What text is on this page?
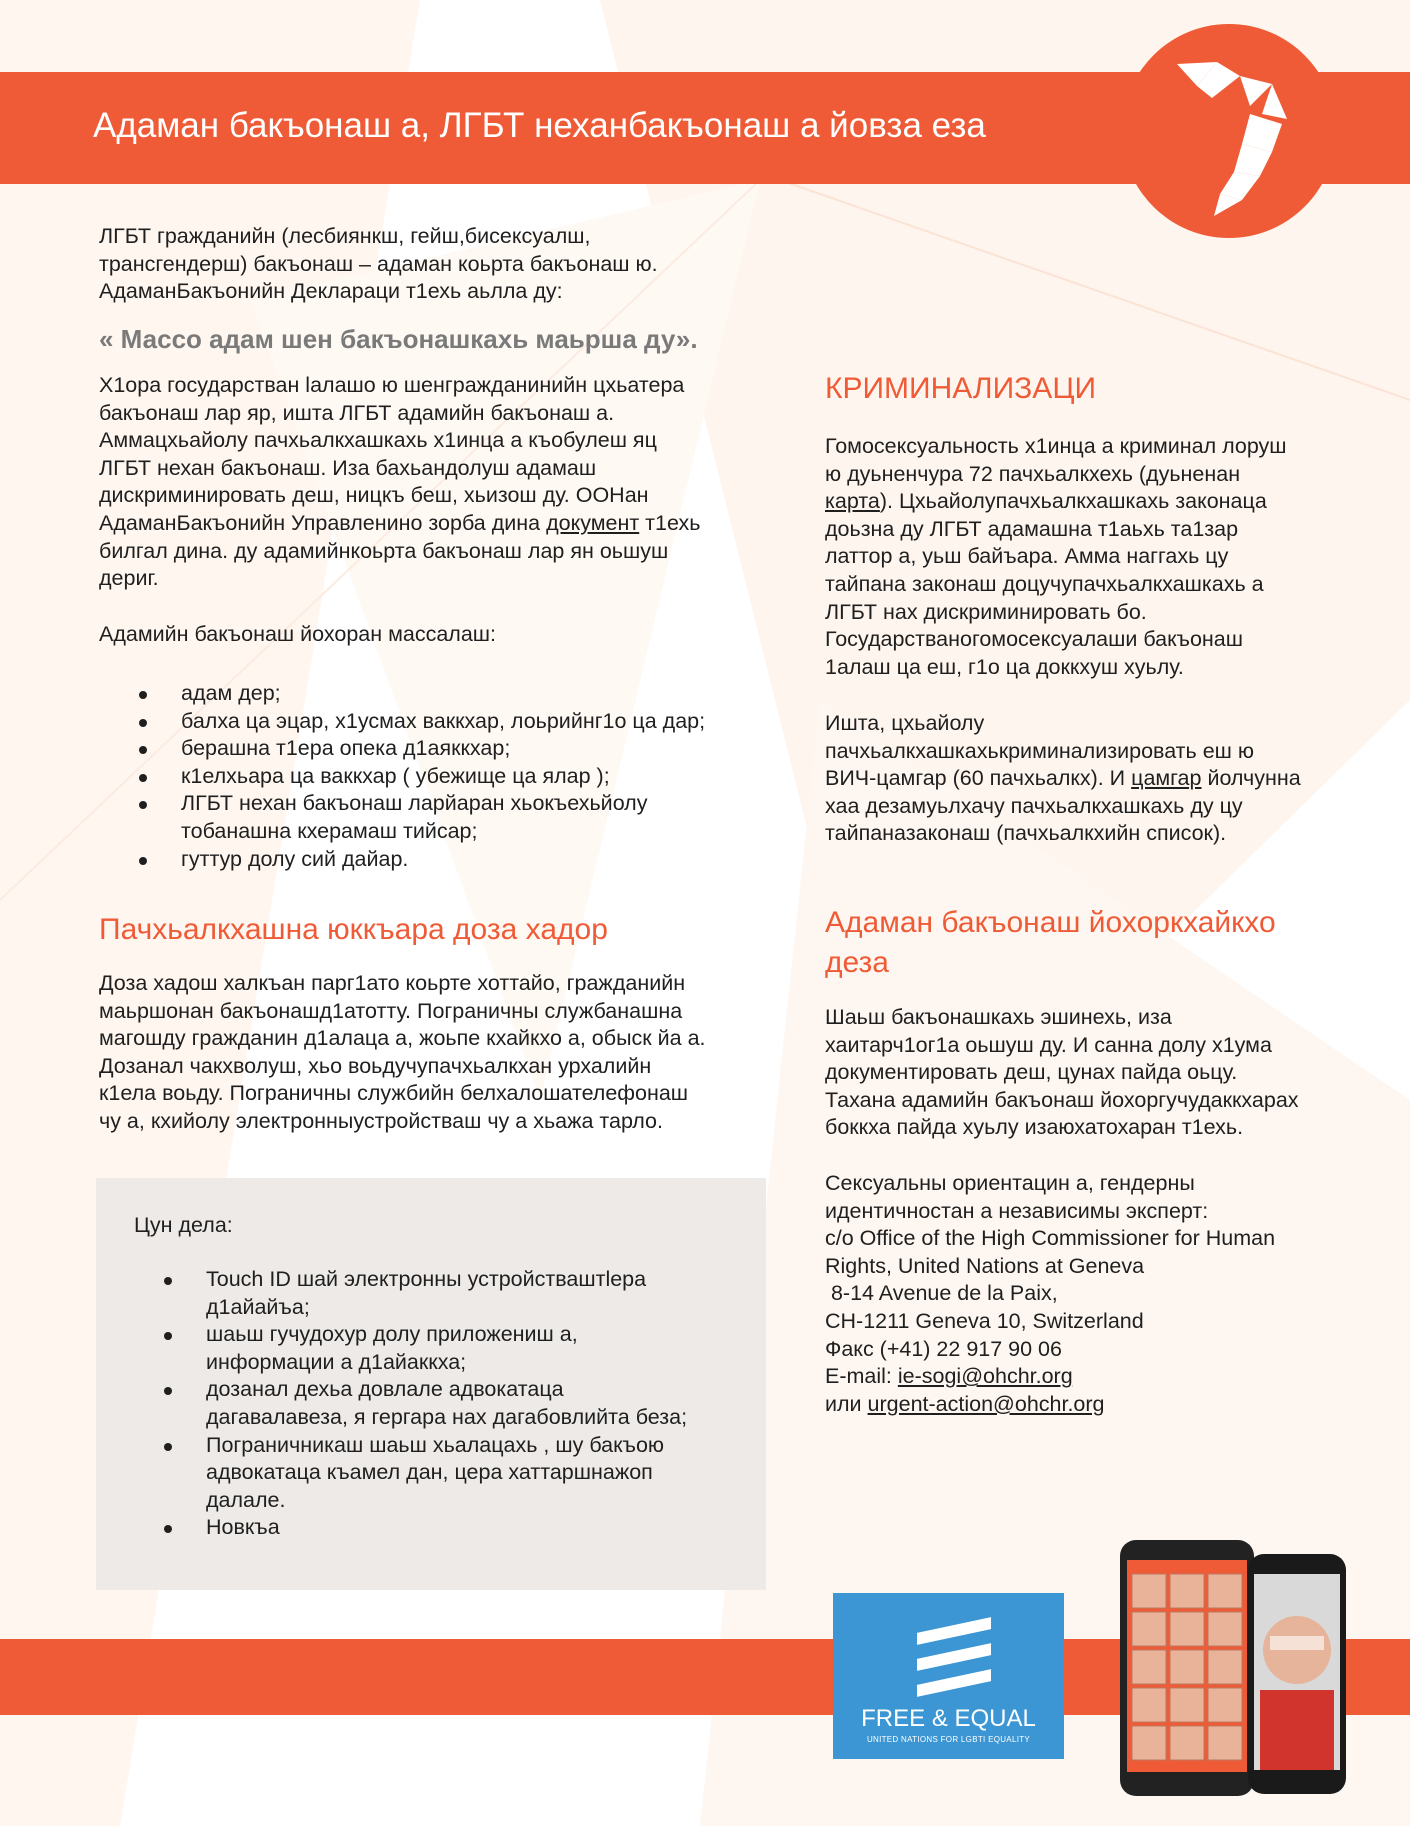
Адаман бакъонаш а, ЛГБТ неханбакъонаш а йовза еза

ЛГБТ гражданийн (лесбиянкш, гейш,бисексуалш,

трансгендерш) бакъонаш – адаман коьрта бакъонаш ю.

АдаманБакъонийн Деклараци т1ехь аьлла ду:

« Массо адам шен бакъонашкахь маьрша ду».

Х1ора государстван lалашо ю шенгражданинийн цхьатера

бакъонаш лар яр, ишта ЛГБТ адамийн бакъонаш а.

Аммацхьайолу пачхьалкхашкахь х1инца а къобулеш яц

ЛГБТ нехан бакъонаш. Иза бахьандолуш адамаш

дискриминировать деш, ницкъ беш, хьизош ду. ООНан

АдаманБакъонийн Управленино зорба дина документ т1ехь

билгал дина. ду адамийнкоьрта бакъонаш лар ян оьшуш

дериг.

Адамийн бакъонаш йохоран массалаш:

адам дер;
балха ца эцар, х1усмах ваккхар, лоьрийнг1о ца дар;
берашна т1ера опека д1аяккхар;
к1елхьара ца ваккхар ( убежище ца ялар );
ЛГБТ нехан бакъонаш ларйаран хьокъехьйолу
тобанашна кхерамаш тийсар;
гуттур долу сий дайар.
Пачхьалкхашна юккъара доза хадор

Доза хадош халкъан парг1ато коьрте хоттайо, гражданийн

маьршонан бакъонашд1атотту. Пограничны службанашна

магошду гражданин д1алаца а, жоьпе кхайкхо а, обыск йа а.

Дозанал чакхволуш, хьо воьдучупачхьалкхан урхалийн

к1ела воьду. Пограничны службийн белхалошателефонаш

чу а, кхийолу электронныустройстваш чу а хьажа тарло.

Цун дела:

Touch ID шай электронны устройстваштlера
д1айайъа;
шаьш гучудохур долу приложениш а,
информации а д1айаккха;
дозанал дехьа довлале адвокатаца
дагавалавеза, я гергара нах дагабовлийта беза;
Пограничникаш шаьш хьалацахь , шу бакъою
адвокатаца къамел дан, цера хаттаршнажоп
далале.
Новкъа
КРИМИНАЛИЗАЦИ

Гомосексуальность х1инца а криминал лоруш

ю дуьненчура 72 пачхьалкхехь (дуьненан

карта). Цхьайолупачхьалкхашкахь законаца

доьзна ду ЛГБТ адамашна т1аьхь та1зар

латтор а, уьш байъара. Амма наггахь цу

тайпана законаш доцучупачхьалкхашкахь а

ЛГБТ нах дискриминировать бо.

Государстваногомосексуалаши бакъонаш

1алаш ца еш, г1о ца доккхуш хуьлу.

Ишта, цхьайолу

пачхьалкхашкахькриминализировать еш ю

ВИЧ-цамгар (60 пачхьалкх). И цамгар йолчунна

хаа дезамуьлхачу пачхьалкхашкахь ду цу

тайпаназаконаш (пачхьалкхийн список).

Адаман бакъонаш йохоркхайкхо
деза

Шаьш бакъонашкахь эшинехь, иза

хаитарч1ог1а оьшуш ду. И санна долу х1ума

документировать деш, цунах пайда оьцу.

Тахана адамийн бакъонаш йохоргучудаккхарах

боккха пайда хуьлу изаюхатохаран т1ехь.

Сексуальны ориентацин а, гендерны

идентичностан а независимы эксперт:

c/o Office of the High Commissioner for Human

Rights, United Nations at Geneva

8-14 Avenue de la Paix,

CH-1211 Geneva 10, Switzerland

Факс (+41) 22 917 90 06

E-mail: ie-sogi@ohchr.org

или urgent-action@ohchr.org

FREE & EQUAL
UNITED NATIONS FOR LGBTI EQUALITY
